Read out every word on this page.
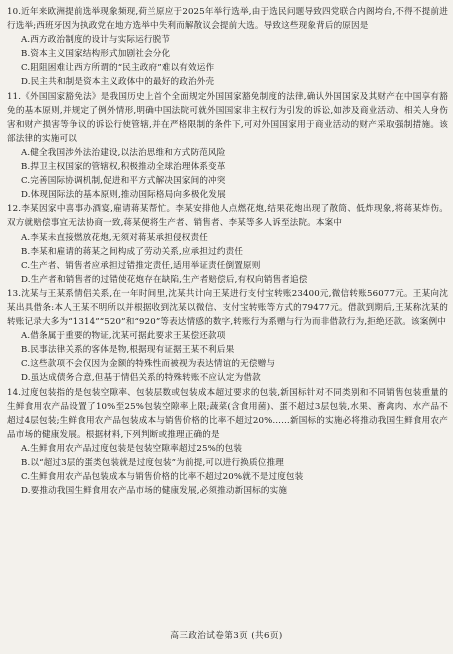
10.近年来欧洲提前选举现象频现,荷兰原应于2025年举行选举,由于选民问题导致四党联合内阁垮台,不得不提前进行选举;西班牙因为执政党在地方选举中失利而解散议会提前大选。导致这些现象背后的原因是
A.西方政治制度的设计与实际运行脱节
B.资本主义国家结构形式加剧社会分化
C.阻阻困难让西方所谓的“民主政府”难以有效运作
D.民主共和制是资本主义政体中的最好的政治外壳
11.《外国国家豁免法》是我国历史上首个全面规定外国国家豁免制度的法律,确认外国国家及其财产在中国享有豁免的基本原则,并规定了例外情形,明确中国法院可就外国国家非主权行为引发的诉讼,如涉及商业活动、相关人身伤害和财产损害等争议的诉讼行使管辖,并在严格限制的条件下,可对外国国家用于商业活动的财产采取强制措施。该部法律的实施可以
A.健全我国涉外法治建设,以法治思维和方式防范风险
B.捍卫主权国家的管辖权,积极推动全球治理体系变革
C.完善国际协调机制,促进和平方式解决国家间的冲突
D.体现国际法的基本原则,推动国际格局向多极化发展
12.李某因家中喜事办酒宴,雇请蒋某帮忙。李某安排他人点燃花炮,结果花炮出现了散筒、低炸现象,将蒋某炸伤。双方就赔偿事宜无法协商一致,蒋某便将生产者、销售者、李某等多人诉至法院。本案中
A.李某未直接燃放花炮,无须对蒋某承担侵权责任
B.李某和雇请的蒋某之间构成了劳动关系,应承担过约责任
C.生产者、销售者应承担过错推定责任,适用举证责任倒置原则
D.生产者和销售者的过错使花炮存在缺陷,生产者赔偿后,有权向销售者追偿
13.沈某与王某系情侣关系,在一年时间里,沈某共计向王某进行支付宝转账23400元,微信转账56077元。王某向沈某出具借条:本人王某不明所以并根据收到沈某以微信、支付宝转账等方式的79477元。借款到期后,王某称沈某的转账记录大多为“1314”“520”和“920”等表达情感的数字,转账行为系赠与行为而非借款行为,拒绝还款。该案例中
A.借条属于重要的物证,沈某可据此要求王某偿还款项
B.民事法律关系的客体是物,根据现有证据王某不利后果
C.这些款项不会仅因为金额的特殊性而被视为表达情谊的无偿赠与
D.虽达成债务合意,但基于情侣关系的特殊转账不应认定为借款
14.过度包装指的是包装空隙率、包装层数或包装成本超过要求的包装,新国标针对不同类别和不同销售包装重量的生鲜食用农产品设置了10%至25%包装空隙率上限;蔬菜(含食用菌)、蛋不超过3层包装,水果、畜禽肉、水产品不超过4层包装;生鲜食用农产品包装成本与销售价格的比率不超过20%……新国标的实施必将推动我国生鲜食用农产品市场的健康发展。根据材料,下列判断或推理正确的是
A.生鲜食用农产品过度包装是包装空隙率超过25%的包装
B.以“超过3层的蛋类包装就是过度包装”为前提,可以进行换质位推理
C.生鲜食用农产品包装成本与销售价格的比率不超过20%就不是过度包装
D.要推动我国生鲜食用农产品市场的健康发展,必须推动新国标的实施
高三政治试卷第3页 (共6页)
